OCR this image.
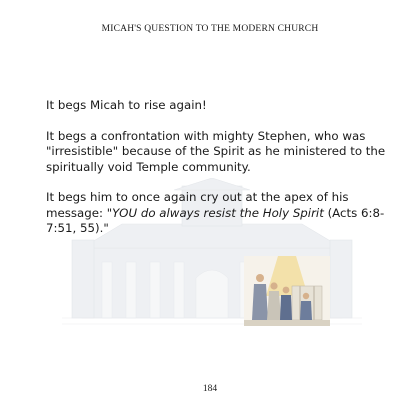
MICAH'S QUESTION TO THE MODERN CHURCH

It begs Micah to rise again!

It begs a confrontation with mighty Stephen, who was "irresistible" because of the Spirit as he ministered to the spiritually void Temple community.

It begs him to once again cry out at the apex of his message: "YOU do always resist the Holy Spirit (Acts 6:8-7:51, 55)."

184
